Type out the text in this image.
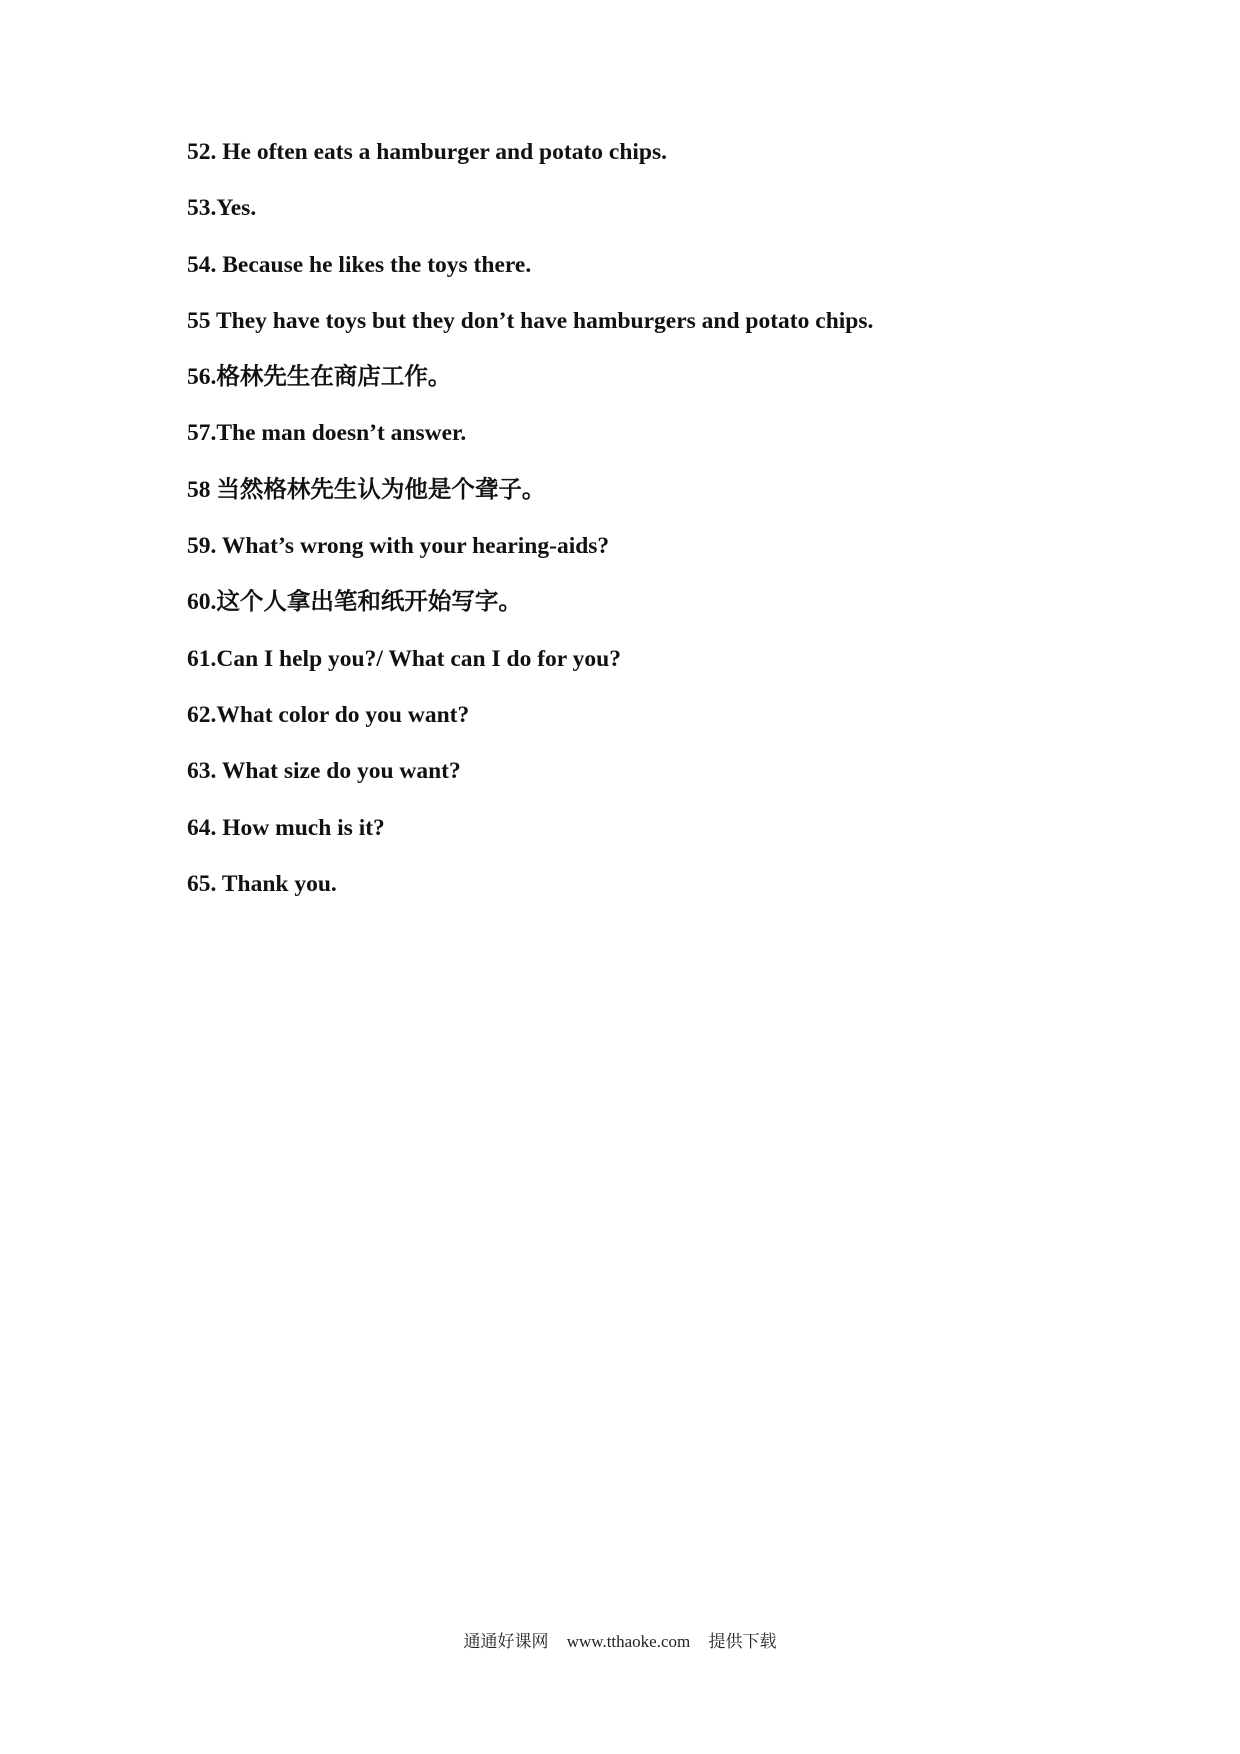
52. He often eats a hamburger and potato chips.
53.Yes.
54. Because he likes the toys there.
55 They have toys but they don’t have hamburgers and potato chips.
56.格林先生在商店工作。
57.The man doesn’t answer.
58 当然格林先生认为他是个聋子。
59. What’s wrong with your hearing-aids?
60.这个人拿出笔和纸开始写字。
61.Can I help you?/ What can I do for you?
62.What color do you want?
63. What size do you want?
64. How much is it?
65. Thank you.
通通好课网 www.tthaoke.com 提供下载
